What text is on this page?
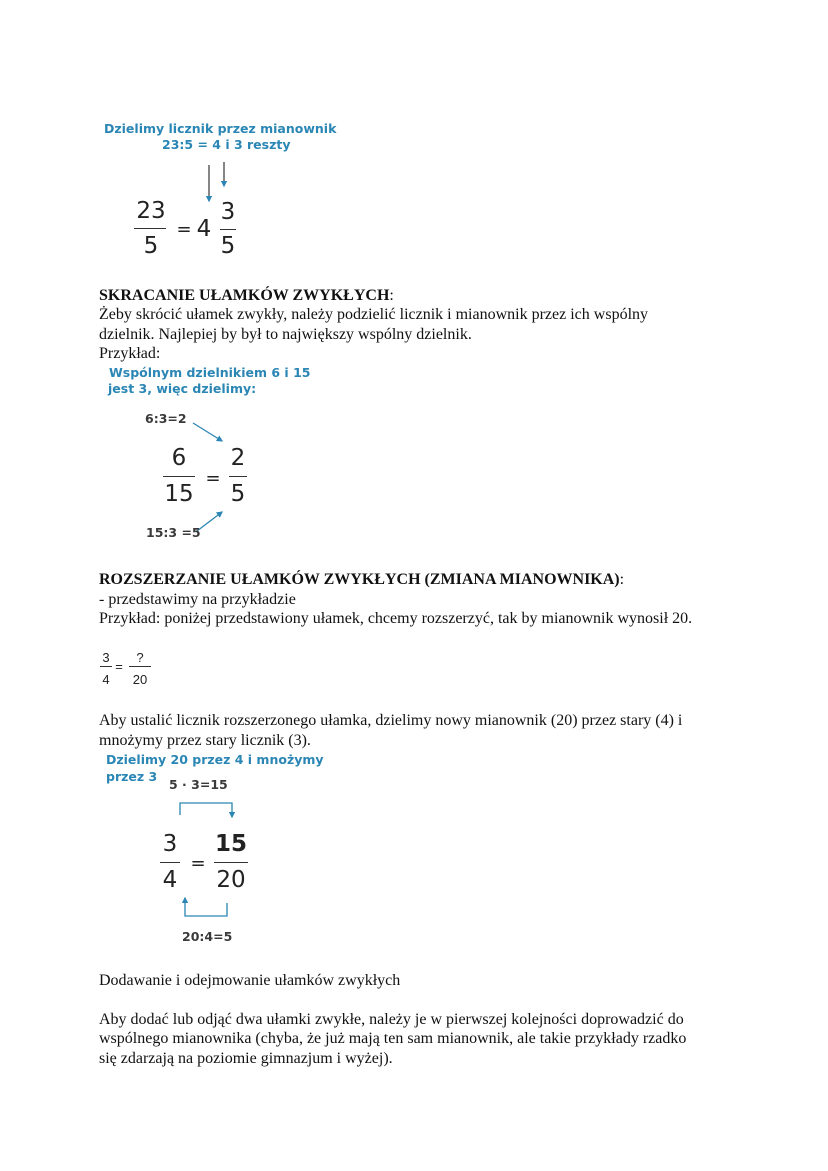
Dzielimy licznik przez mianownik
23:5 = 4 i 3 reszty
23
5
= 4
3
5
SKRACANIE UŁAMKÓW ZWYKŁYCH:
Żeby skrócić ułamek zwykły, należy podzielić licznik i mianownik przez ich wspólny
dzielnik. Najlepiej by był to największy wspólny dzielnik.
Przykład:
Wspólnym dzielnikiem 6 i 15
jest 3, więc dzielimy:
6:3=2
6
15
=
2
5
15:3 =5
ROZSZERZANIE UŁAMKÓW ZWYKŁYCH (ZMIANA MIANOWNIKA):
- przedstawimy na przykładzie
Przykład: poniżej przedstawiony ułamek, chcemy rozszerzyć, tak by mianownik wynosił 20.
3
4
=
?
20
Aby ustalić licznik rozszerzonego ułamka, dzielimy nowy mianownik (20) przez stary (4) i
mnożymy przez stary licznik (3).
Dzielimy 20 przez 4 i mnożymy
przez 3
5 · 3=15
3
4
=
15
20
20:4=5
Dodawanie i odejmowanie ułamków zwykłych
Aby dodać lub odjąć dwa ułamki zwykłe, należy je w pierwszej kolejności doprowadzić do
wspólnego mianownika (chyba, że już mają ten sam mianownik, ale takie przykłady rzadko
się zdarzają na poziomie gimnazjum i wyżej).
